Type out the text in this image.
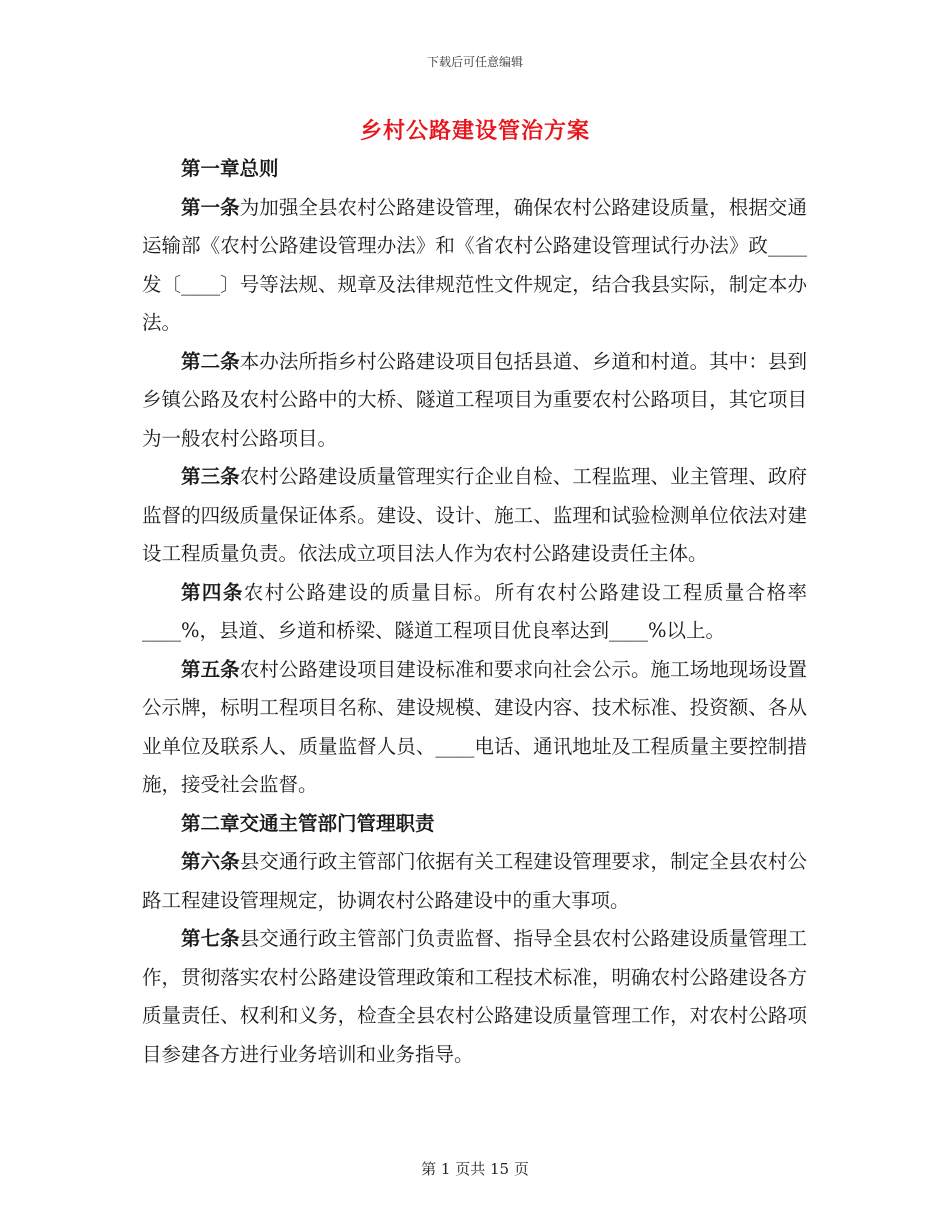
下载后可任意编辑
乡村公路建设管治方案
第一章总则

第一条为加强全县农村公路建设管理，确保农村公路建设质量，根据交通运输部《农村公路建设管理办法》和《省农村公路建设管理试行办法》政____发〔____〕号等法规、规章及法律规范性文件规定，结合我县实际，制定本办法。

第二条本办法所指乡村公路建设项目包括县道、乡道和村道。其中：县到乡镇公路及农村公路中的大桥、隧道工程项目为重要农村公路项目，其它项目为一般农村公路项目。

第三条农村公路建设质量管理实行企业自检、工程监理、业主管理、政府监督的四级质量保证体系。建设、设计、施工、监理和试验检测单位依法对建设工程质量负责。依法成立项目法人作为农村公路建设责任主体。

第四条农村公路建设的质量目标。所有农村公路建设工程质量合格率____%，县道、乡道和桥梁、隧道工程项目优良率达到____%以上。

第五条农村公路建设项目建设标准和要求向社会公示。施工场地现场设置公示牌，标明工程项目名称、建设规模、建设内容、技术标准、投资额、各从业单位及联系人、质量监督人员、____电话、通讯地址及工程质量主要控制措施，接受社会监督。

第二章交通主管部门管理职责

第六条县交通行政主管部门依据有关工程建设管理要求，制定全县农村公路工程建设管理规定，协调农村公路建设中的重大事项。

第七条县交通行政主管部门负责监督、指导全县农村公路建设质量管理工作，贯彻落实农村公路建设管理政策和工程技术标准，明确农村公路建设各方质量责任、权利和义务，检查全县农村公路建设质量管理工作，对农村公路项目参建各方进行业务培训和业务指导。

第 1 页共 15 页
